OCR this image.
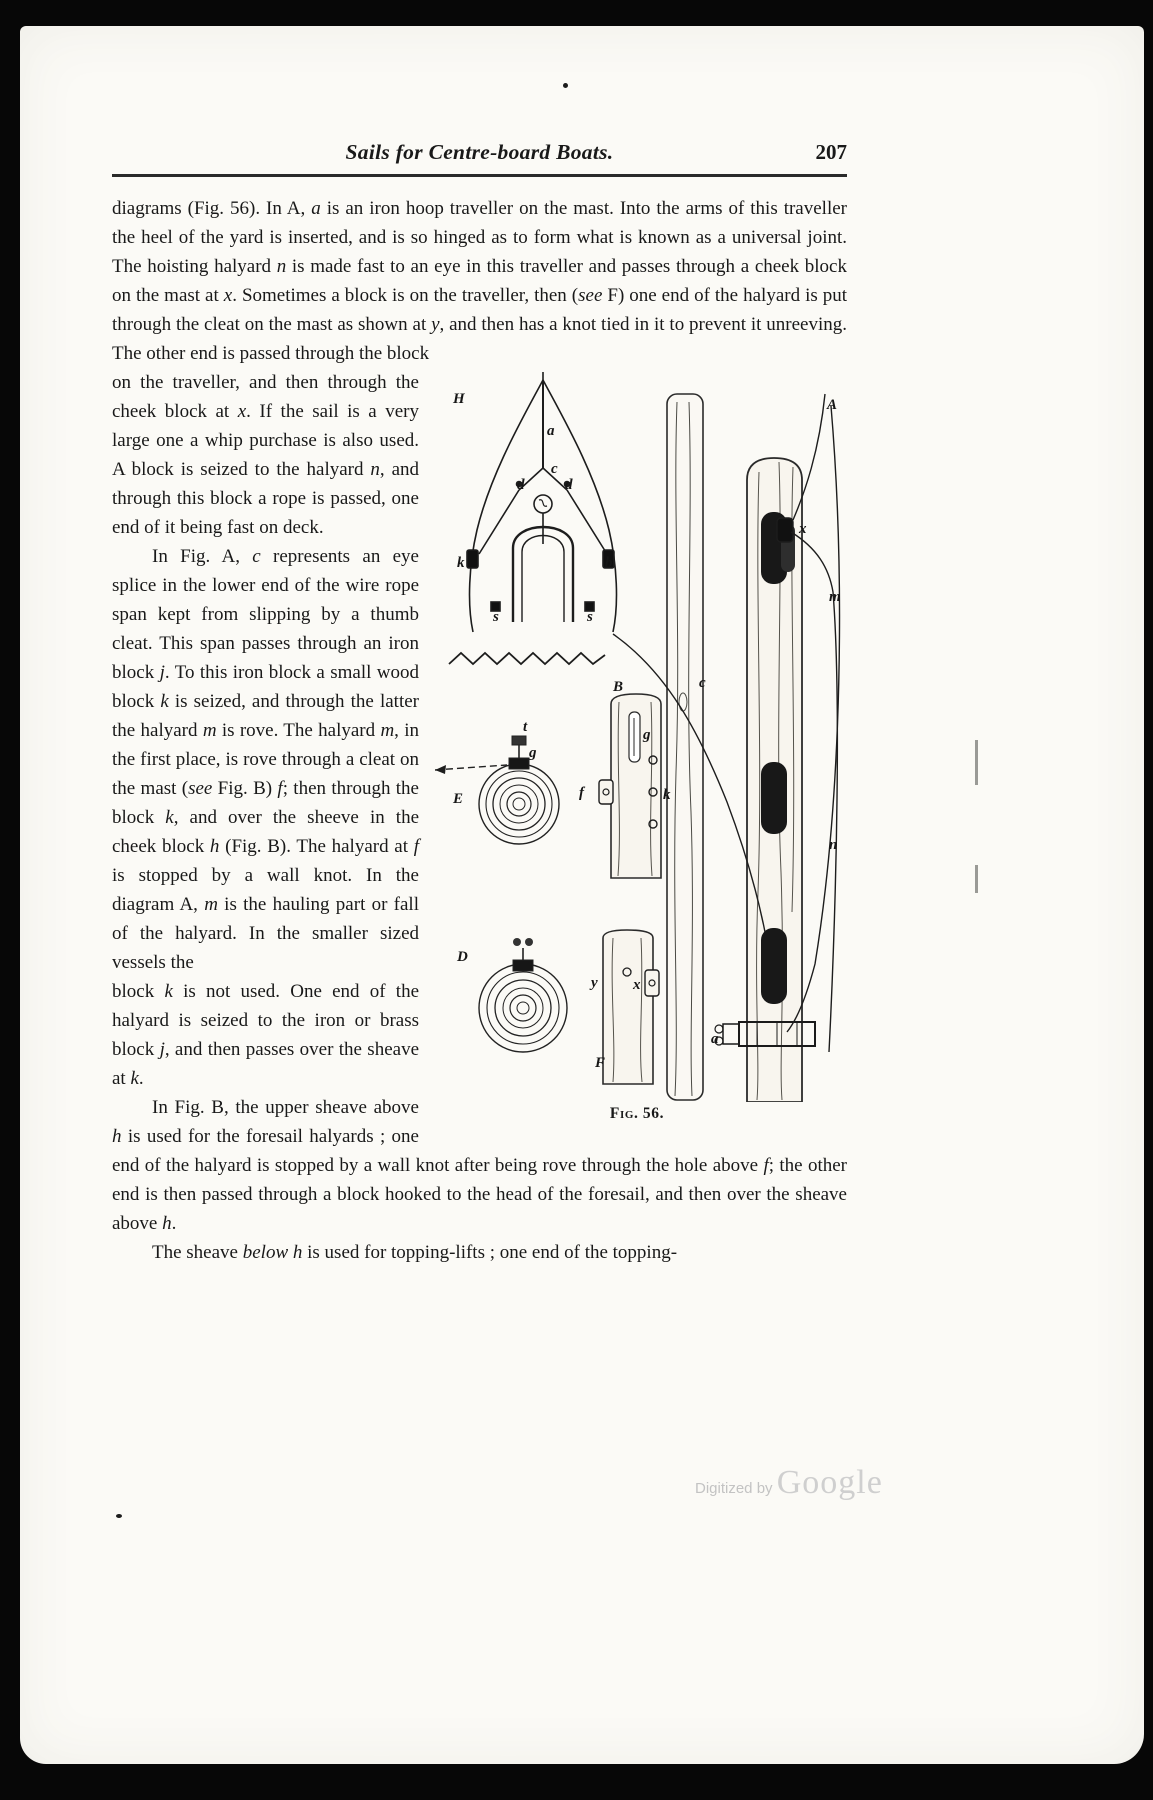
Sails for Centre-board Boats.	207

diagrams (Fig. 56). In A, a is an iron hoop traveller on the mast. Into the arms of this traveller the heel of the yard is inserted, and is so hinged as to form what is known as a universal joint. The hoisting halyard n is made fast to an eye in this traveller and passes through a cheek block on the mast at x. Sometimes a block is on the traveller, then (see F) one end of the halyard is put through the cleat on the mast as shown at y, and then has a knot tied in it to prevent it unreeving. The other end is passed through the block

H
a
c
d	d
k	b
s	s
A
x
m
c
B
t
g
g
E	f	k
n
D
y x
a
F
Fig. 56.

on the traveller, and then through the cheek block at x. If the sail is a very large one a whip purchase is also used. A block is seized to the halyard n, and through this block a rope is passed, one end of it being fast on deck.

In Fig. A, c represents an eye splice in the lower end of the wire rope span kept from slipping by a thumb cleat. This span passes through an iron block j. To this iron block a small wood block k is seized, and through the latter the halyard m is rove. The halyard m, in the first place, is rove through a cleat on the mast (see Fig. B) f; then through the block k, and over the sheeve in the cheek block h (Fig. B). The halyard at f is stopped by a wall knot. In the diagram A, m is the hauling part or fall of the halyard. In the smaller sized vessels the

block k is not used. One end of the halyard is seized to the iron or brass block j, and then passes over the sheave at k.

In Fig. B, the upper sheave above h is used for the foresail halyards ; one end of the halyard is stopped by a wall knot after being rove through the hole above f; the other end is then passed through a block hooked to the head of the foresail, and then over the sheave above h.

The sheave below h is used for topping-lifts ; one end of the topping-

Digitized by Google
